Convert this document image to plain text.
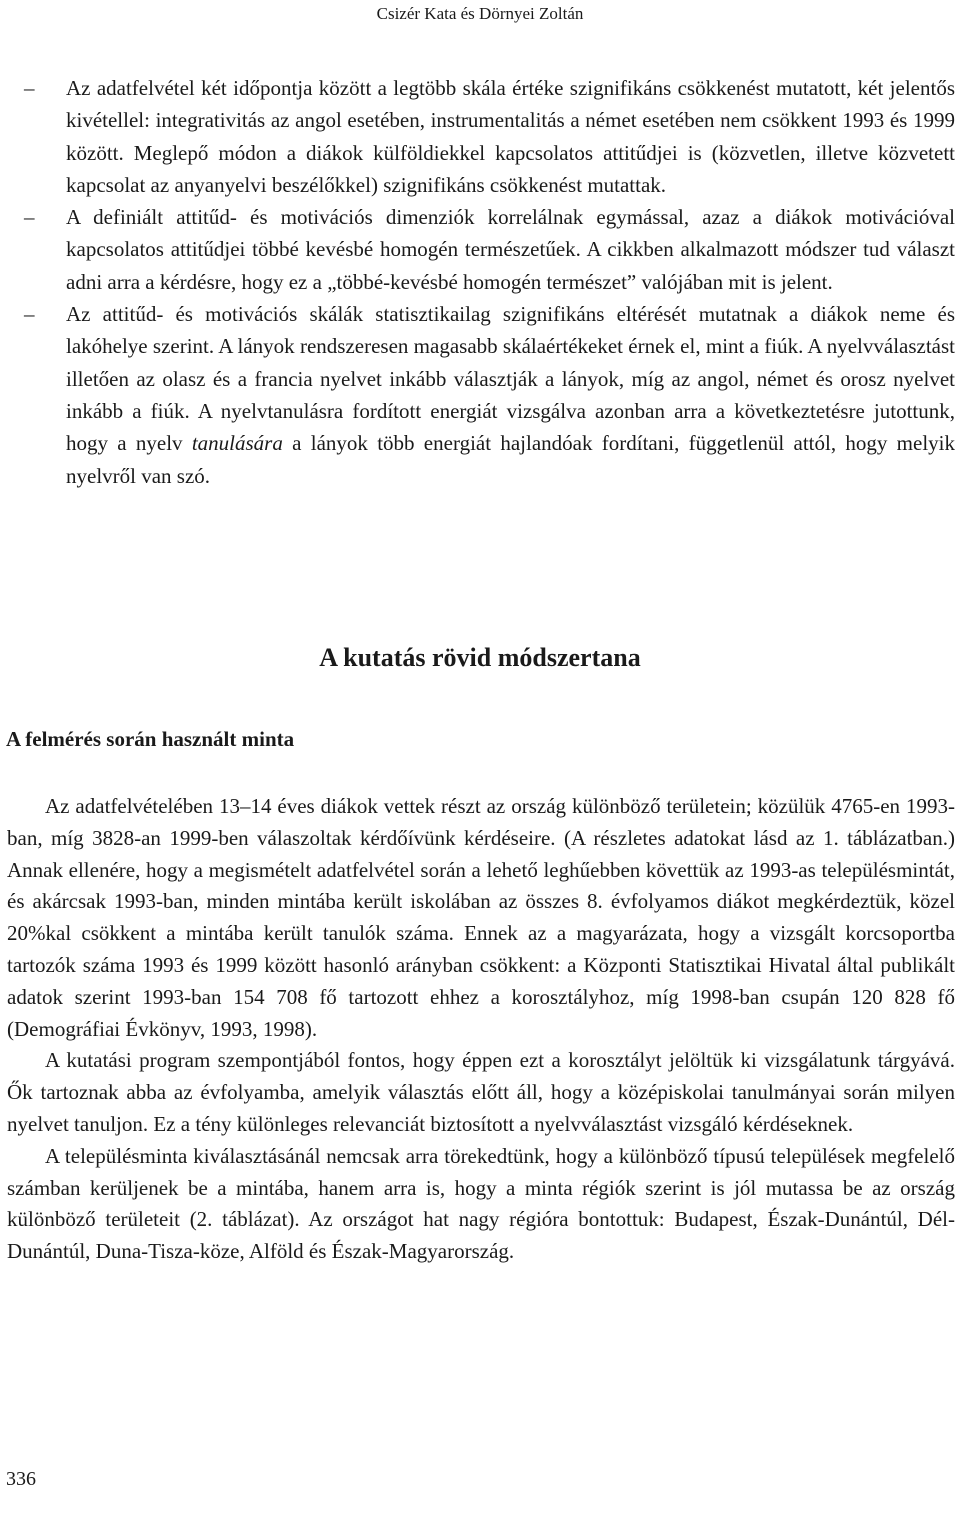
Csizér Kata és Dörnyei Zoltán
– Az adatfelvétel két időpontja között a legtöbb skála értéke szignifikáns csökkenést mutatott, két jelentős kivétellel: integrativitás az angol esetében, instrumentalitás a német esetében nem csökkent 1993 és 1999 között. Meglepő módon a diákok külföldiekkel kapcsolatos attitűdjei is (közvetlen, illetve közvetett kapcsolat az anyanyelvi beszélőkkel) szignifikáns csökkenést mutattak.
– A definiált attitűd- és motivációs dimenziók korrelálnak egymással, azaz a diákok motivációval kapcsolatos attitűdjei többé kevésbé homogén természetűek. A cikkben alkalmazott módszer tud választ adni arra a kérdésre, hogy ez a „többé-kevésbé homogén természet” valójában mit is jelent.
– Az attitűd- és motivációs skálák statisztikailag szignifikáns eltérését mutatnak a diákok neme és lakóhelye szerint. A lányok rendszeresen magasabb skálaértékeket érnek el, mint a fiúk. A nyelvválasztást illetően az olasz és a francia nyelvet inkább választják a lányok, míg az angol, német és orosz nyelvet inkább a fiúk. A nyelvtanulásra fordított energiát vizsgálva azonban arra a következtetésre jutottunk, hogy a nyelv tanulására a lányok több energiát hajlandóak fordítani, függetlenül attól, hogy melyik nyelvről van szó.
A kutatás rövid módszertana
A felmérés során használt minta

Az adatfelvételében 13–14 éves diákok vettek részt az ország különböző területein; közülük 4765-en 1993-ban, míg 3828-an 1999-ben válaszoltak kérdőívünk kérdéseire. (A részletes adatokat lásd az 1. táblázatban.) Annak ellenére, hogy a megismételt adatfelvétel során a lehető leghűebben követtük az 1993-as településmintát, és akárcsak 1993-ban, minden mintába került iskolában az összes 8. évfolyamos diákot megkérdeztük, közel 20%kal csökkent a mintába került tanulók száma. Ennek az a magyarázata, hogy a vizsgált korcsoportba tartozók száma 1993 és 1999 között hasonló arányban csökkent: a Központi Statisztikai Hivatal által publikált adatok szerint 1993-ban 154 708 fő tartozott ehhez a korosztályhoz, míg 1998-ban csupán 120 828 fő (Demográfiai Évkönyv, 1993, 1998).

A kutatási program szempontjából fontos, hogy éppen ezt a korosztályt jelöltük ki vizsgálatunk tárgyává. Ők tartoznak abba az évfolyamba, amelyik választás előtt áll, hogy a középiskolai tanulmányai során milyen nyelvet tanuljon. Ez a tény különleges relevanciát biztosított a nyelvválasztást vizsgáló kérdéseknek.

A településminta kiválasztásánál nemcsak arra törekedtünk, hogy a különböző típusú települések megfelelő számban kerüljenek be a mintába, hanem arra is, hogy a minta régiók szerint is jól mutassa be az ország különböző területeit (2. táblázat). Az országot hat nagy régióra bontottuk: Budapest, Észak-Dunántúl, Dél-Dunántúl, Duna-Tisza-köze, Alföld és Észak-Magyarország.

336
